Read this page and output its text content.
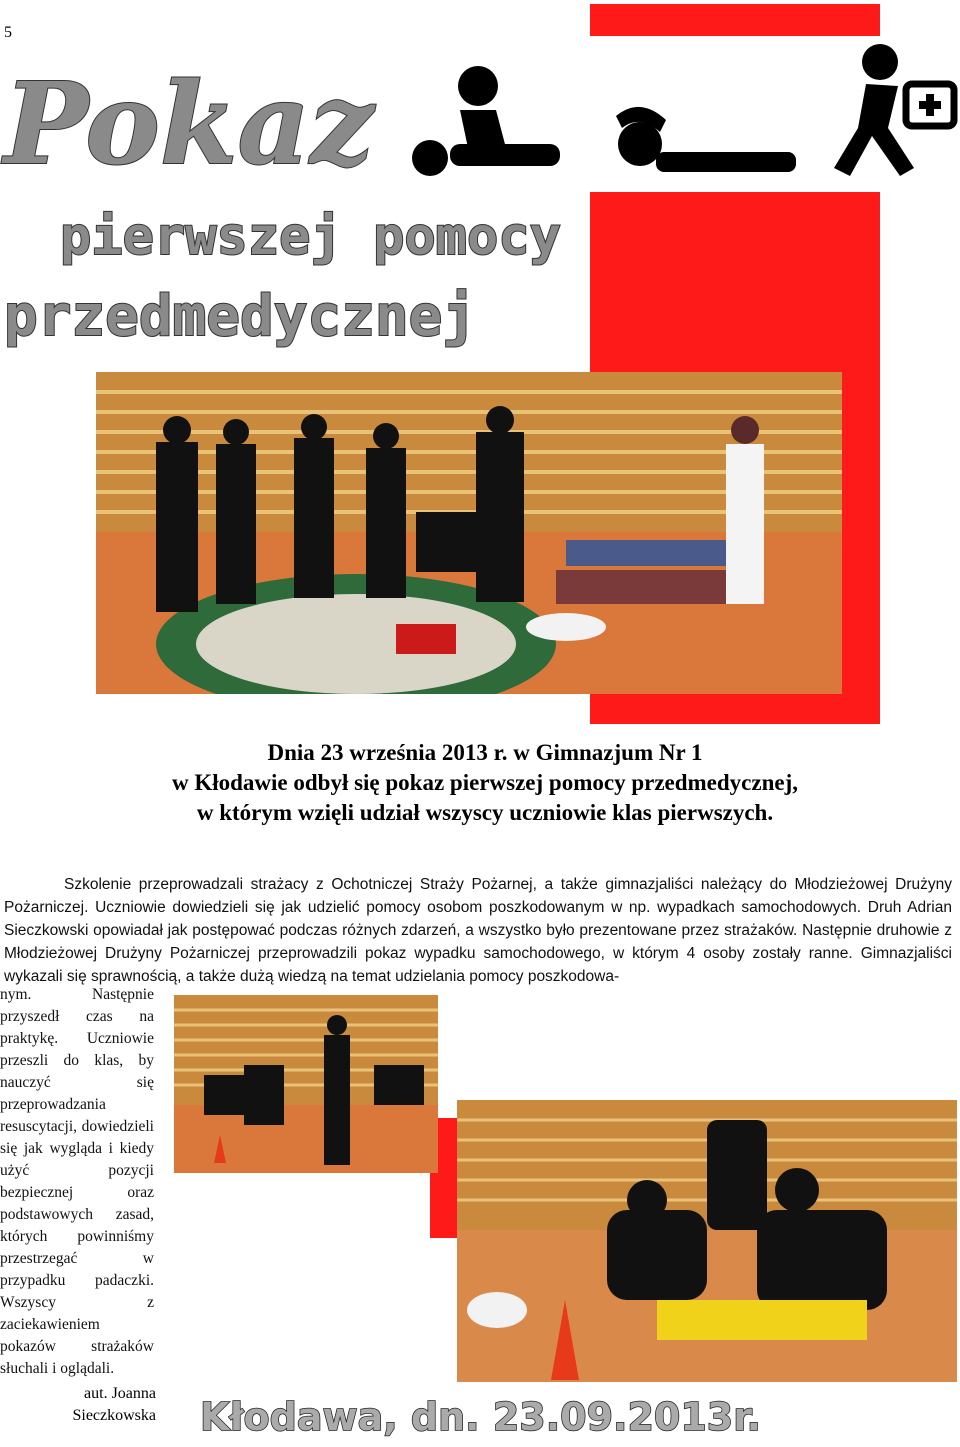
5
Pokaz
pierwszej pomocy
przedmedycznej

Dnia 23 września 2013 r. w Gimnazjum Nr 1

w Kłodawie odbył się pokaz pierwszej pomocy przedmedycznej,

w którym wzięli udział wszyscy uczniowie klas pierwszych.

Szkolenie przeprowadzali strażacy z Ochotniczej Straży Pożarnej, a także gimnazjaliści należący do Młodzieżowej Drużyny Pożarniczej. Uczniowie dowiedzieli się jak udzielić pomocy osobom poszkodowanym w np. wypadkach samochodowych. Druh Adrian Sieczkowski opowiadał jak postępować podczas różnych zdarzeń, a wszystko było prezentowane przez strażaków. Następnie druhowie z Młodzieżowej Drużyny Pożarniczej przeprowadzili pokaz wypadku samochodowego, w którym 4 osoby zostały ranne. Gimnazjaliści wykazali się sprawnością, a także dużą wiedzą na temat udzielania pomocy poszkodowa-
nym. Następnie przyszedł czas na praktykę. Uczniowie przeszli do klas, by nauczyć się przeprowadzania resuscytacji, dowiedzieli się jak wygląda i kiedy użyć pozycji bezpiecznej oraz podstawowych zasad, których powinniśmy przestrzegać w przypadku padaczki. Wszyscy z zaciekawieniem pokazów strażaków słuchali i oglądali.
aut. Joanna
Sieczkowska Kłodawa, dn. 23.09.2013r.
